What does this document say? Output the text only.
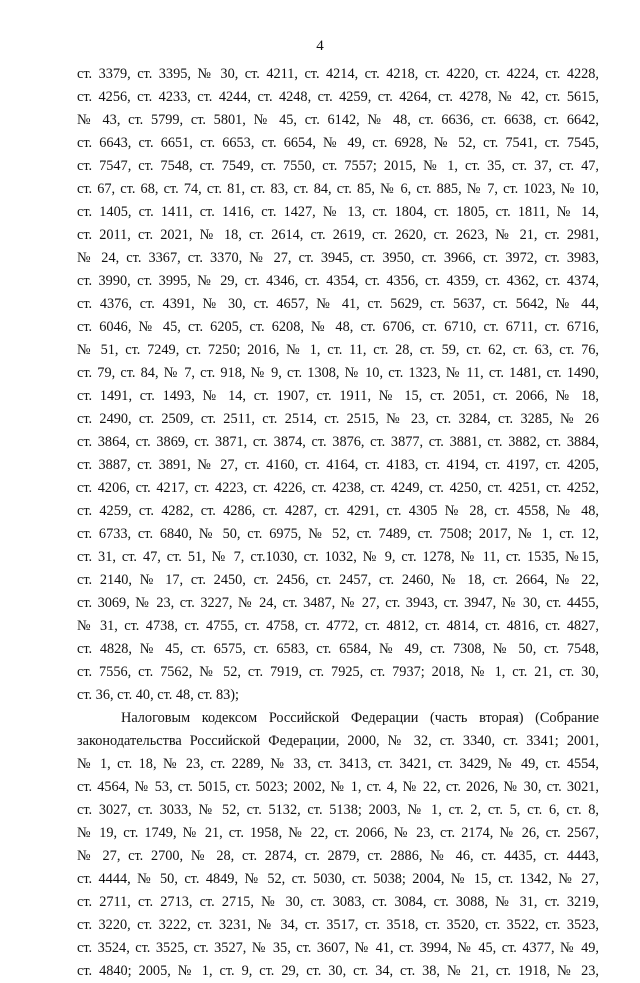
4
ст. 3379, ст. 3395, № 30, ст. 4211, ст. 4214, ст. 4218, ст. 4220, ст. 4224, ст. 4228,
ст. 4256, ст. 4233, ст. 4244, ст. 4248, ст. 4259, ст. 4264, ст. 4278, № 42, ст. 5615,
№ 43, ст. 5799, ст. 5801, № 45, ст. 6142, № 48, ст. 6636, ст. 6638, ст. 6642,
ст. 6643, ст. 6651, ст. 6653, ст. 6654, № 49, ст. 6928, № 52, ст. 7541, ст. 7545,
ст. 7547, ст. 7548, ст. 7549, ст. 7550, ст. 7557; 2015, № 1, ст. 35, ст. 37, ст. 47,
ст. 67, ст. 68, ст. 74, ст. 81, ст. 83, ст. 84, ст. 85, № 6, ст. 885, № 7, ст. 1023, № 10,
ст. 1405, ст. 1411, ст. 1416, ст. 1427, № 13, ст. 1804, ст. 1805, ст. 1811, № 14,
ст. 2011, ст. 2021, № 18, ст. 2614, ст. 2619, ст. 2620, ст. 2623, № 21, ст. 2981,
№ 24, ст. 3367, ст. 3370, № 27, ст. 3945, ст. 3950, ст. 3966, ст. 3972, ст. 3983,
ст. 3990, ст. 3995, № 29, ст. 4346, ст. 4354, ст. 4356, ст. 4359, ст. 4362, ст. 4374,
ст. 4376, ст. 4391, № 30, ст. 4657, № 41, ст. 5629, ст. 5637, ст. 5642, № 44,
ст. 6046, № 45, ст. 6205, ст. 6208, № 48, ст. 6706, ст. 6710, ст. 6711, ст. 6716,
№ 51, ст. 7249, ст. 7250; 2016, № 1, ст. 11, ст. 28, ст. 59, ст. 62, ст. 63, ст. 76,
ст. 79, ст. 84, № 7, ст. 918, № 9, ст. 1308, № 10, ст. 1323, № 11, ст. 1481, ст. 1490,
ст. 1491, ст. 1493, № 14, ст. 1907, ст. 1911, № 15, ст. 2051, ст. 2066, № 18,
ст. 2490, ст. 2509, ст. 2511, ст. 2514, ст. 2515, № 23, ст. 3284, ст. 3285, № 26
ст. 3864, ст. 3869, ст. 3871, ст. 3874, ст. 3876, ст. 3877, ст. 3881, ст. 3882, ст. 3884,
ст. 3887, ст. 3891, № 27, ст. 4160, ст. 4164, ст. 4183, ст. 4194, ст. 4197, ст. 4205,
ст. 4206, ст. 4217, ст. 4223, ст. 4226, ст. 4238, ст. 4249, ст. 4250, ст. 4251, ст. 4252,
ст. 4259, ст. 4282, ст. 4286, ст. 4287, ст. 4291, ст. 4305 № 28, ст. 4558, № 48,
ст. 6733, ст. 6840, № 50, ст. 6975, № 52, ст. 7489, ст. 7508; 2017, № 1, ст. 12,
ст. 31, ст. 47, ст. 51, № 7, ст.1030, ст. 1032, № 9, ст. 1278, № 11, ст. 1535, №15,
ст. 2140, № 17, ст. 2450, ст. 2456, ст. 2457, ст. 2460, № 18, ст. 2664, № 22,
ст. 3069, № 23, ст. 3227, № 24, ст. 3487, № 27, ст. 3943, ст. 3947, № 30, ст. 4455,
№ 31, ст. 4738, ст. 4755, ст. 4758, ст. 4772, ст. 4812, ст. 4814, ст. 4816, ст. 4827,
ст. 4828, № 45, ст. 6575, ст. 6583, ст. 6584, № 49, ст. 7308, № 50, ст. 7548,
ст. 7556, ст. 7562, № 52, ст. 7919, ст. 7925, ст. 7937; 2018, № 1, ст. 21, ст. 30,
ст. 36, ст. 40, ст. 48, ст. 83);
Налоговым кодексом Российской Федерации (часть вторая) (Собрание
законодательства Российской Федерации, 2000, № 32, ст. 3340, ст. 3341; 2001,
№ 1, ст. 18, № 23, ст. 2289, № 33, ст. 3413, ст. 3421, ст. 3429, № 49, ст. 4554,
ст. 4564, № 53, ст. 5015, ст. 5023; 2002, № 1, ст. 4, № 22, ст. 2026, № 30, ст. 3021,
ст. 3027, ст. 3033, № 52, ст. 5132, ст. 5138; 2003, № 1, ст. 2, ст. 5, ст. 6, ст. 8,
№ 19, ст. 1749, № 21, ст. 1958, № 22, ст. 2066, № 23, ст. 2174, № 26, ст. 2567,
№ 27, ст. 2700, № 28, ст. 2874, ст. 2879, ст. 2886, № 46, ст. 4435, ст. 4443,
ст. 4444, № 50, ст. 4849, № 52, ст. 5030, ст. 5038; 2004, № 15, ст. 1342, № 27,
ст. 2711, ст. 2713, ст. 2715, № 30, ст. 3083, ст. 3084, ст. 3088, № 31, ст. 3219,
ст. 3220, ст. 3222, ст. 3231, № 34, ст. 3517, ст. 3518, ст. 3520, ст. 3522, ст. 3523,
ст. 3524, ст. 3525, ст. 3527, № 35, ст. 3607, № 41, ст. 3994, № 45, ст. 4377, № 49,
ст. 4840; 2005, № 1, ст. 9, ст. 29, ст. 30, ст. 34, ст. 38, № 21, ст. 1918, № 23,
